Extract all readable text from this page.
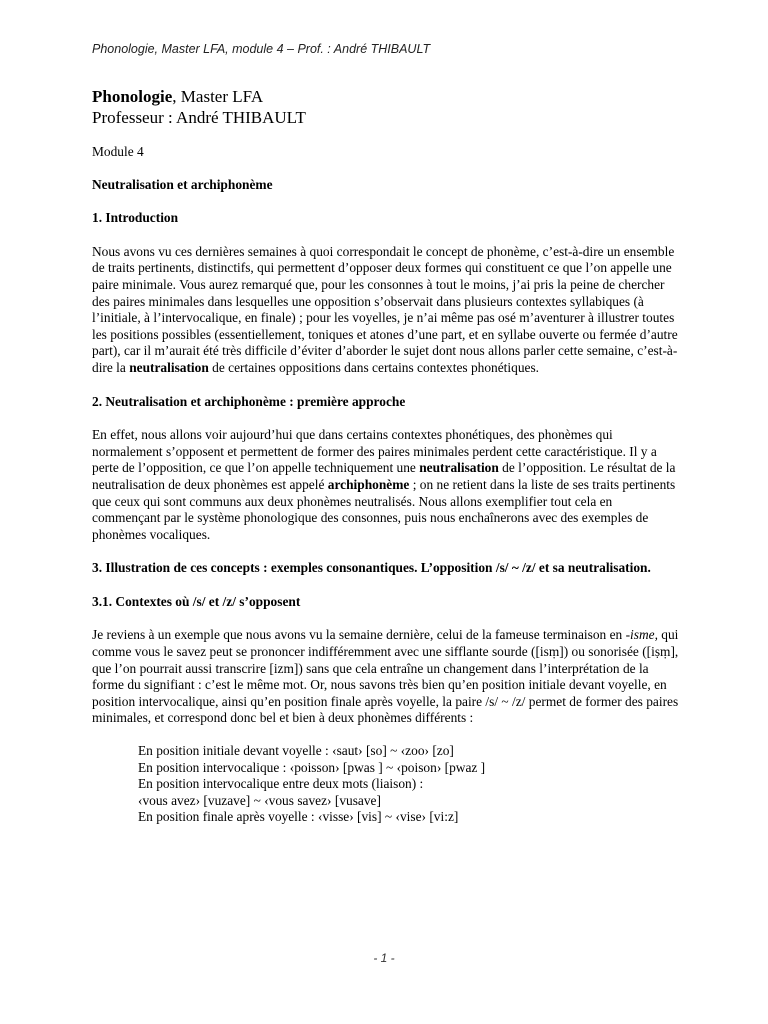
Phonologie, Master LFA, module 4 – Prof. : André THIBAULT
Phonologie, Master LFA
Professeur : André THIBAULT

Module 4

Neutralisation et archiphonème

1. Introduction

Nous avons vu ces dernières semaines à quoi correspondait le concept de phonème, c’est-à-dire un ensemble de traits pertinents, distinctifs, qui permettent d’opposer deux formes qui constituent ce que l’on appelle une paire minimale. Vous aurez remarqué que, pour les consonnes à tout le moins, j’ai pris la peine de chercher des paires minimales dans lesquelles une opposition s’observait dans plusieurs contextes syllabiques (à l’initiale, à l’intervocalique, en finale) ; pour les voyelles, je n’ai même pas osé m’aventurer à illustrer toutes les positions possibles (essentiellement, toniques et atones d’une part, et en syllabe ouverte ou fermée d’autre part), car il m’aurait été très difficile d’éviter d’aborder le sujet dont nous allons parler cette semaine, c’est-à-dire la neutralisation de certaines oppositions dans certains contextes phonétiques.

2. Neutralisation et archiphonème : première approche

En effet, nous allons voir aujourd’hui que dans certains contextes phonétiques, des phonèmes qui normalement s’opposent et permettent de former des paires minimales perdent cette caractéristique. Il y a perte de l’opposition, ce que l’on appelle techniquement une neutralisation de l’opposition. Le résultat de la neutralisation de deux phonèmes est appelé archiphonème ; on ne retient dans la liste de ses traits pertinents que ceux qui sont communs aux deux phonèmes neutralisés. Nous allons exemplifier tout cela en commençant par le système phonologique des consonnes, puis nous enchaînerons avec des exemples de phonèmes vocaliques.

3. Illustration de ces concepts : exemples consonantiques. L’opposition /s/ ~ /z/ et sa neutralisation.

3.1. Contextes où /s/ et /z/ s’opposent

Je reviens à un exemple que nous avons vu la semaine dernière, celui de la fameuse terminaison en -isme, qui comme vous le savez peut se prononcer indifféremment avec une sifflante sourde ([isṃ]) ou sonorisée ([iṣṃ], que l’on pourrait aussi transcrire [izm]) sans que cela entraîne un changement dans l’interprétation de la forme du signifiant : c’est le même mot. Or, nous savons très bien qu’en position initiale devant voyelle, en position intervocalique, ainsi qu’en position finale après voyelle, la paire /s/ ~ /z/ permet de former des paires minimales, et correspond donc bel et bien à deux phonèmes différents :

En position initiale devant voyelle : ‹saut› [so] ~ ‹zoo› [zo]
En position intervocalique : ‹poisson› [pwas ] ~ ‹poison› [pwaz ]
En position intervocalique entre deux mots (liaison) :
‹vous avez› [vuzave] ~ ‹vous savez› [vusave]
En position finale après voyelle : ‹visse› [vis] ~ ‹vise› [vi:z]
- 1 -
